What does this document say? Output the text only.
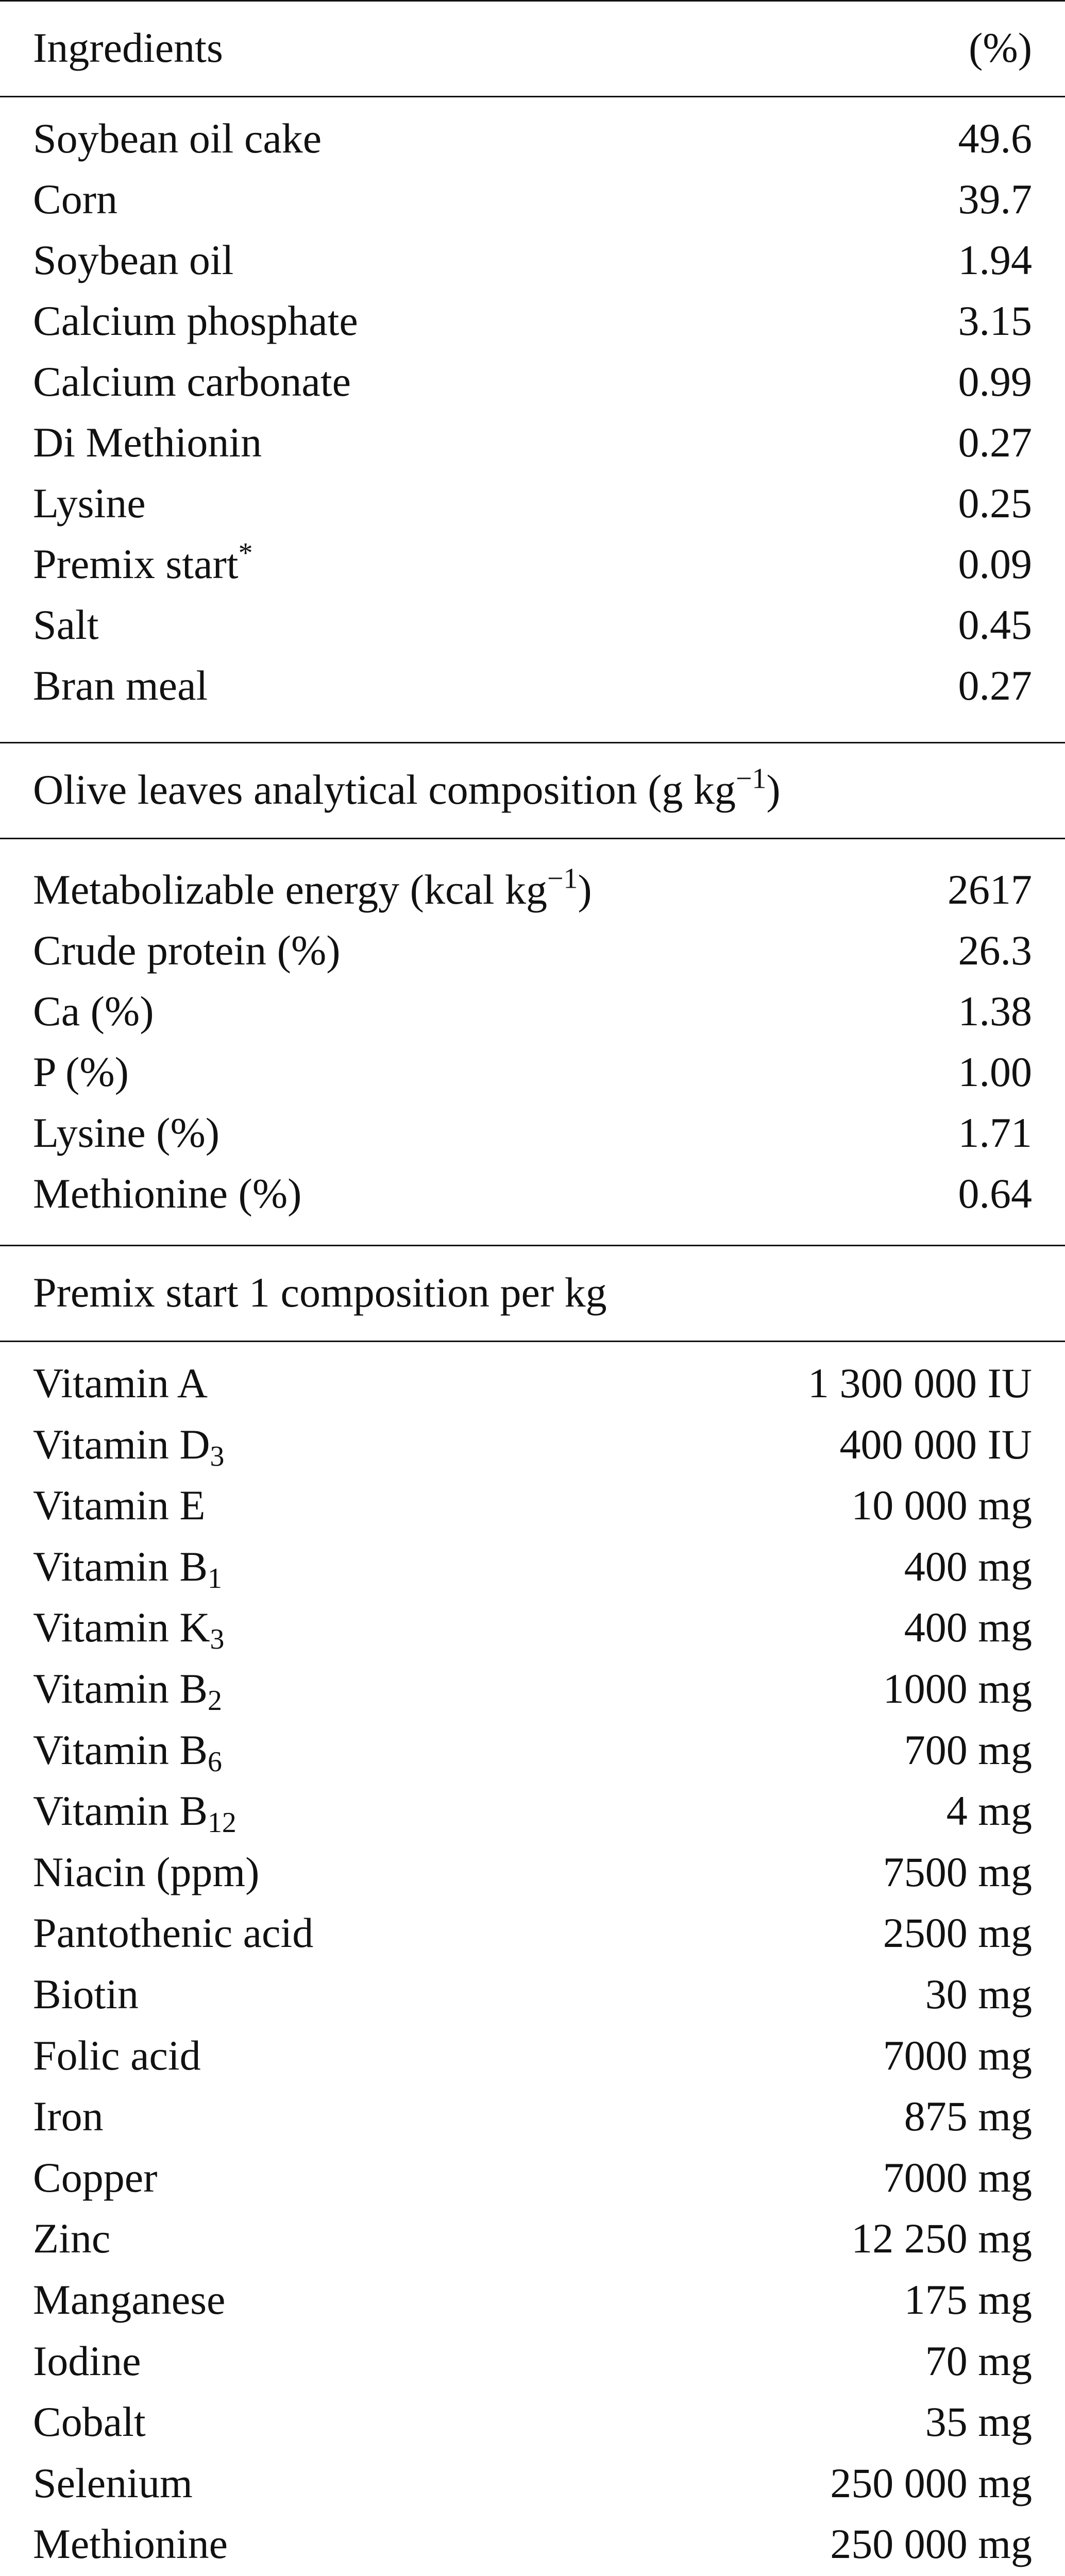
Ingredients	(%)
Soybean oil cake	49.6
Corn	39.7
Soybean oil	1.94
Calcium phosphate	3.15
Calcium carbonate	0.99
Di Methionin	0.27
Lysine	0.25
Premix start*	0.09
Salt	0.45
Bran meal	0.27
Olive leaves analytical composition (g $kg^{-1}$)
Metabolizable energy (kcal $kg^{-1}$)	2617
Crude protein (%)	26.3
Ca (%)	1.38
P (%)	1.00
Lysine (%)	1.71
Methionine (%)	0.64
Premix start 1 composition per kg
Vitamin A	1 300 000 IU
Vitamin $D_3$	400 000 IU
Vitamin E	10 000 mg
Vitamin $B_1$	400 mg
Vitamin $K_3$	400 mg
Vitamin $B_2$	1000 mg
Vitamin $B_6$	700 mg
Vitamin $B_{12}$	4 mg
Niacin (ppm)	7500 mg
Pantothenic acid	2500 mg
Biotin	30 mg
Folic acid	7000 mg
Iron	875 mg
Copper	7000 mg
Zinc	12 250 mg
Manganese	175 mg
Iodine	70 mg
Cobalt	35 mg
Selenium	250 000 mg
Methionine	250 000 mg
